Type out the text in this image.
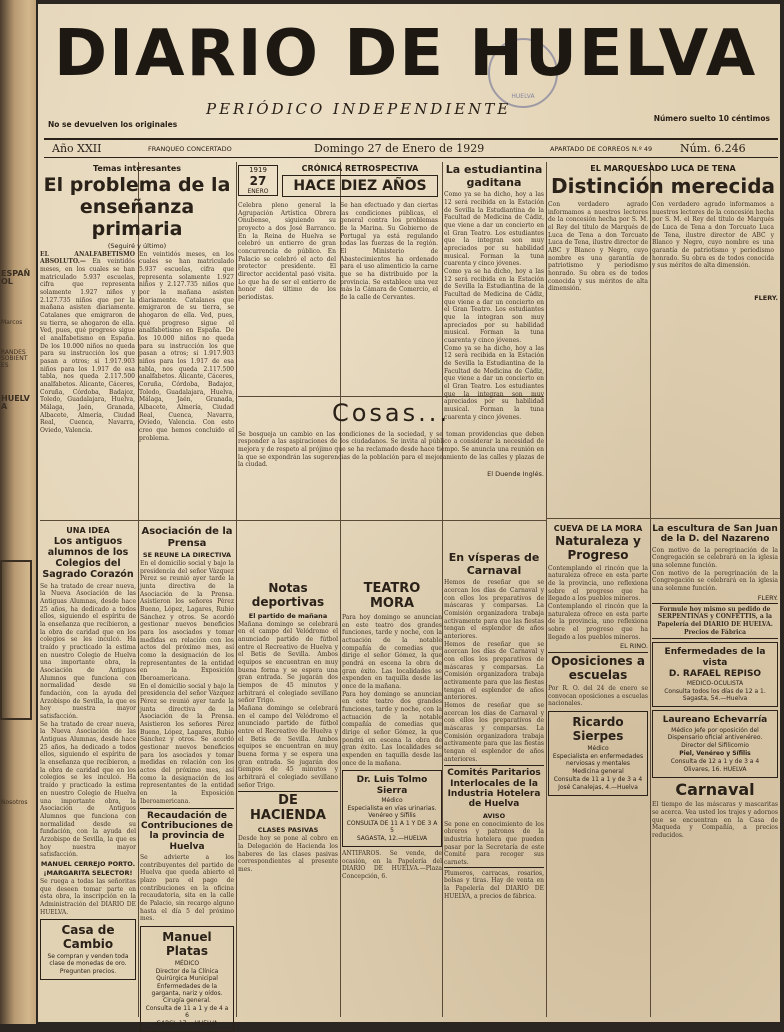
ESPAÑOL
Marcos
RANDES SOBIENTES
HUELVA
Nosotros
HUELVA
DIARIO DE HUELVA
PERIÓDICO INDEPENDIENTE
No se devuelven los originales
Número suelto 10 céntimos
Año XXII	FRANQUEO CONCERTADO	Domingo 27 de Enero de 1929	APARTADO DE CORREOS N.º 49	Núm. 6.246
Temas interesantes
El problema de la enseñanza primaria
(Seguiré y último)
EL ANALFABETISMO ABSOLUTO.— En veintidós meses, en los cuales se han matriculado 5.937 escuelas, cifra que representa solamente 1.927 niños y 2.127.735 niños que por la mañana asisten diariamente. Catalanes que emigraron de su tierra, se ahogaron de ella. Ved, pues, qué progreso sigue el analfabetismo en España. De los 10.000 niños no queda para su instrucción los que pasan a otros; si 1.917.903 niños para los 1.917 de esa tabla, nos queda 2.117.500 analfabetos. Alicante, Cáceres, Coruña, Córdoba, Badajoz, Toledo, Guadalajara, Huelva, Málaga, Jaén, Granada, Albacete, Almería, Ciudad Real, Cuenca, Navarra, Oviedo, Valencia.
En veintidós meses, en los cuales se han matriculado 5.937 escuelas, cifra que representa solamente 1.927 niños y 2.127.735 niños que por la mañana asisten diariamente. Catalanes que emigraron de su tierra, se ahogaron de ella. Ved, pues, qué progreso sigue el analfabetismo en España. De los 10.000 niños no queda para su instrucción los que pasan a otros; si 1.917.903 niños para los 1.917 de esa tabla, nos queda 2.117.500 analfabetos. Alicante, Cáceres, Coruña, Córdoba, Badajoz, Toledo, Guadalajara, Huelva, Málaga, Jaén, Granada, Albacete, Almería, Ciudad Real, Cuenca, Navarra, Oviedo, Valencia. Con esto creo que hemos concluido el problema.
UNA IDEA
Los antiguos alumnos de los Colegios del Sagrado Corazón
Se ha tratado de crear nueva, la Nueva Asociación de las Antiguas Alumnas, desde hace 25 años, ha dedicado a todos ellos, siguiendo el espíritu de la enseñanza que recibieron, a la obra de caridad que en los colegios se les inculcó. Ha traído y practicado la estima en nuestro Colegio de Huelva una importante obra, la Asociación de Antiguos Alumnos que funciona con normalidad desde su fundación, con la ayuda del Arzobispo de Sevilla, la que es hoy nuestra mayor satisfacción.
Se ha tratado de crear nueva, la Nueva Asociación de las Antiguas Alumnas, desde hace 25 años, ha dedicado a todos ellos, siguiendo el espíritu de la enseñanza que recibieron, a la obra de caridad que en los colegios se les inculcó. Ha traído y practicado la estima en nuestro Colegio de Huelva una importante obra, la Asociación de Antiguos Alumnos que funciona con normalidad desde su fundación, con la ayuda del Arzobispo de Sevilla, la que es hoy nuestra mayor satisfacción.
MANUEL CERREJO PORTO.
¡MARGARITA SELECTOR!
Se ruega a todas las señoritas que deseen tomar parte en esta obra, la inscripción en la Administración del DIARIO DE HUELVA.
Casa de Cambio
Se compran y venden toda clase de monedas de oro.
Pregunten precios.
1919
27
ENERO
CRÓNICA RETROSPECTIVA
HACE DIEZ AÑOS
Celebra pleno general la Agrupación Artística Obrera Onubense, siguiendo su proyecto a dos José Barranco. En la Reina de Huelva se celebró un entierro de gran concurrencia de público. En Palacio se celebró el acto del protector presidente. El director accidental pasó visita. Lo que ha de ser el entierro de honor del último de los periodistas.
Se han efectuado y dan ciertas las condiciones públicas, el general contra los problemas de la Marina. Su Gobierno de Portugal ya está regulando todas las fuerzas de la región. El Ministerio de Abastecimientos ha ordenado para el uso alimenticio la carne que se ha distribuido por la provincia. Se establece una vez más la Cámara de Comercio, el de la calle de Cervantes.
Cosas...
Se bosqueja un cambio en las condiciones de la sociedad, y se toman providencias que deben responder a las aspiraciones de los ciudadanos. Se invita al público a considerar la necesidad de mejora y de respeto al prójimo que se ha reclamado desde hace tiempo. Se anuncia una reunión en la que se expondrán las sugerencias de la población para el mejoramiento de las calles y plazas de la ciudad.
El Duende Inglés.
Asociación de la Prensa
SE REUNE LA DIRECTIVA
En el domicilio social y bajo la presidencia del señor Vázquez Pérez se reunió ayer tarde la junta directiva de la Asociación de la Prensa. Asistieron los señores Pérez Bueno, López, Lagares, Rubio Sánchez y otros. Se acordó gestionar nuevos beneficios para los asociados y tomar medidas en relación con los actos del próximo mes, así como la designación de los representantes de la entidad en la Exposición Iberoamericana.
En el domicilio social y bajo la presidencia del señor Vázquez Pérez se reunió ayer tarde la junta directiva de la Asociación de la Prensa. Asistieron los señores Pérez Bueno, López, Lagares, Rubio Sánchez y otros. Se acordó gestionar nuevos beneficios para los asociados y tomar medidas en relación con los actos del próximo mes, así como la designación de los representantes de la entidad en la Exposición Iberoamericana.
Recaudación de Contribuciones de la provincia de Huelva
Se advierte a los contribuyentes del partido de Huelva que queda abierto el plazo para el pago de contribuciones en la oficina recaudatoria, sita en la calle de Palacio, sin recargo alguno hasta el día 5 del próximo mes.
Manuel Platas
MÉDICO
Director de la Clínica Quirúrgica Municipal
Enfermedades de la garganta, nariz y oídos. Cirugía general.
Consulta de 11 a 1 y de 4 a 6
GARCI, 17.—HUELVA
Notas deportivas
El partido de mañana
Mañana domingo se celebrará en el campo del Velódromo el anunciado partido de fútbol entre el Recreativo de Huelva y el Betis de Sevilla. Ambos equipos se encuentran en muy buena forma y se espera una gran entrada. Se jugarán dos tiempos de 45 minutos y arbitrará el colegiado sevillano señor Trigo.
Mañana domingo se celebrará en el campo del Velódromo el anunciado partido de fútbol entre el Recreativo de Huelva y el Betis de Sevilla. Ambos equipos se encuentran en muy buena forma y se espera una gran entrada. Se jugarán dos tiempos de 45 minutos y arbitrará el colegiado sevillano señor Trigo.
DE HACIENDA
CLASES PASIVAS
Desde hoy se pone al cobro en la Delegación de Hacienda los haberes de las clases pasivas correspondientes al presente mes.
TEATRO MORA
Para hoy domingo se anuncian en este teatro dos grandes funciones, tarde y noche, con la actuación de la notable compañía de comedias que dirige el señor Gómez, la que pondrá en escena la obra de gran éxito. Las localidades se expenden en taquilla desde las once de la mañana.
Para hoy domingo se anuncian en este teatro dos grandes funciones, tarde y noche, con la actuación de la notable compañía de comedias que dirige el señor Gómez, la que pondrá en escena la obra de gran éxito. Las localidades se expenden en taquilla desde las once de la mañana.
Dr. Luis Tolmo Sierra
Médico
Especialista en vías urinarias. Venéreo y Sífilis
CONSULTA DE 11 A 1 Y DE 3 A 5
SAGASTA, 12.—HUELVA
ANTIFAROS. Se vende, de ocasión, en la Papelería del DIARIO DE HUELVA.—Plaza Concepción, 6.
La estudiantina gaditana
Como ya se ha dicho, hoy a las 12 será recibida en la Estación de Sevilla la Estudiantina de la Facultad de Medicina de Cádiz, que viene a dar un concierto en el Gran Teatro. Los estudiantes que la integran son muy apreciados por su habilidad musical. Forman la tuna cuarenta y cinco jóvenes.
Como ya se ha dicho, hoy a las 12 será recibida en la Estación de Sevilla la Estudiantina de la Facultad de Medicina de Cádiz, que viene a dar un concierto en el Gran Teatro. Los estudiantes que la integran son muy apreciados por su habilidad musical. Forman la tuna cuarenta y cinco jóvenes.
Como ya se ha dicho, hoy a las 12 será recibida en la Estación de Sevilla la Estudiantina de la Facultad de Medicina de Cádiz, que viene a dar un concierto en el Gran Teatro. Los estudiantes que la integran son muy apreciados por su habilidad musical. Forman la tuna cuarenta y cinco jóvenes.
En vísperas de Carnaval
Hemos de reseñar que se acercan los días de Carnaval y con ellos los preparativos de máscaras y comparsas. La Comisión organizadora trabaja activamente para que las fiestas tengan el esplendor de años anteriores.
Hemos de reseñar que se acercan los días de Carnaval y con ellos los preparativos de máscaras y comparsas. La Comisión organizadora trabaja activamente para que las fiestas tengan el esplendor de años anteriores.
Hemos de reseñar que se acercan los días de Carnaval y con ellos los preparativos de máscaras y comparsas. La Comisión organizadora trabaja activamente para que las fiestas tengan el esplendor de años anteriores.
Comités Paritarios Interlocales de la Industria Hotelera de Huelva
AVISO
Se pone en conocimiento de los obreros y patronos de la industria hotelera que pueden pasar por la Secretaría de este Comité para recoger sus carnets.
Plumeros, carracas, rosarios, bolsas y tiras. Hay de venta en la Papelería del DIARIO DE HUELVA, a precios de fábrica.
EL MARQUESADO LUCA DE TENA
Distinción merecida
Con verdadero agrado informamos a nuestros lectores de la concesión hecha por S. M. el Rey del título de Marqués de Luca de Tena a don Torcuato Luca de Tena, ilustre director de ABC y Blanco y Negro, cuyo nombre es una garantía de patriotismo y periodismo honrado. Su obra es de todos conocida y sus méritos de alta dimensión.
Con verdadero agrado informamos a nuestros lectores de la concesión hecha por S. M. el Rey del título de Marqués de Luca de Tena a don Torcuato Luca de Tena, ilustre director de ABC y Blanco y Negro, cuyo nombre es una garantía de patriotismo y periodismo honrado. Su obra es de todos conocida y sus méritos de alta dimensión.
FLERY.
CUEVA DE LA MORA
Naturaleza y Progreso
Contemplando el rincón que la naturaleza ofrece en esta parte de la provincia, uno reflexiona sobre el progreso que ha llegado a los pueblos mineros.
Contemplando el rincón que la naturaleza ofrece en esta parte de la provincia, uno reflexiona sobre el progreso que ha llegado a los pueblos mineros.
EL RINO.
Oposiciones a escuelas
Por R. O. del 24 de enero se convocan oposiciones a escuelas nacionales.
Ricardo Sierpes
Médico
Especialista en enfermedades nerviosas y mentales
Medicina general
Consulta de 11 a 1 y de 3 a 4
José Canalejas, 4.—Huelva
La escultura de San Juan de la D. del Nazareno
Con motivo de la peregrinación de la Congregación se celebrará en la iglesia una solemne función.
Con motivo de la peregrinación de la Congregación se celebrará en la iglesia una solemne función.
FLERY.
Formule hoy mismo su pedido de SERPENTINAS y CONFETTIS, a la Papelería del DIARIO DE HUELVA. Precios de Fábrica
Enfermedades de la vista
D. RAFAEL REPISO
MEDICO-OCULISTA
Consulta todos los días de 12 a 1. Sagasta, 54.—Huelva
Laureano Echevarría
Médico Jefe por oposición del Dispensario oficial antivenéreo.
Director del Sifilicomio
Piel, Venéreo y Sífilis
Consulta de 12 a 1 y de 3 a 4
Olivares, 16. HUELVA
Carnaval
El tiempo de las máscaras y mascaritas se acerca. Vea usted los trajes y adornos que se encuentran en la Casa de Maqueda y Compañía, a precios reducidos.
